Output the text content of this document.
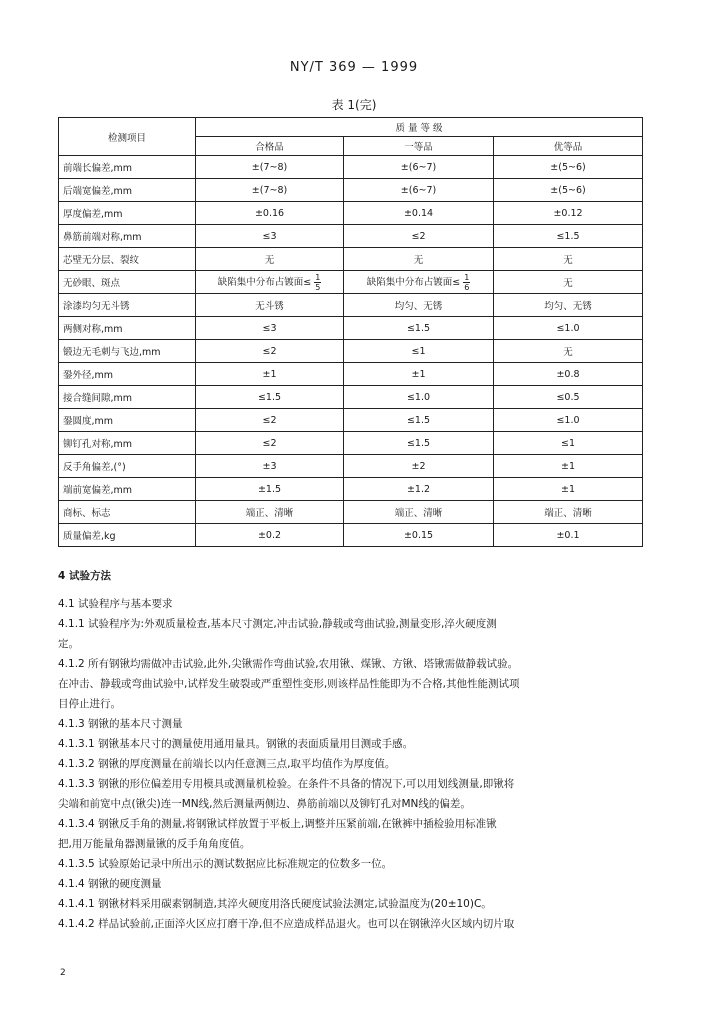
NY/T 369 — 1999
表 1(完)
检测项目	质 量 等 级		
	合格品	一等品	优等品
前端长偏差,mm	±(7~8)	±(6~7)	±(5~6)
后端宽偏差,mm	±(7~8)	±(6~7)	±(5~6)
厚度偏差,mm	±0.16	±0.14	±0.12
鼻筋前端对称,mm	≤3	≤2	≤1.5
芯壁无分层、裂纹	无	无	无
无砂眼、斑点	缺陷集中分布占镀面≤ $\frac{1}{5}$	缺陷集中分布占镀面≤ $\frac{1}{6}$	无
涂漆均匀无斗锈	无斗锈	均匀、无锈	均匀、无锈
两侧对称,mm	≤3	≤1.5	≤1.0
锻边无毛刺与飞边,mm	≤2	≤1	无
銎外径,mm	±1	±1	±0.8
接合缝间隙,mm	≤1.5	≤1.0	≤0.5
銎圆度,mm	≤2	≤1.5	≤1.0
铆钉孔对称,mm	≤2	≤1.5	≤1
反手角偏差,(°)	±3	±2	±1
端前宽偏差,mm	±1.5	±1.2	±1
商标、标志	端正、清晰	端正、清晰	端正、清晰
质量偏差,kg	±0.2	±0.15	±0.1

4 试验方法

4.1 试验程序与基本要求

4.1.1 试验程序为:外观质量检查,基本尺寸测定,冲击试验,静载或弯曲试验,测量变形,淬火硬度测

定。

4.1.2 所有钢锹均需做冲击试验,此外,尖锹需作弯曲试验,农用锹、煤锹、方锹、塔锹需做静载试验。

在冲击、静载或弯曲试验中,试样发生破裂或严重塑性变形,则该样品性能即为不合格,其他性能测试项

目停止进行。

4.1.3 钢锹的基本尺寸测量

4.1.3.1 钢锹基本尺寸的测量使用通用量具。钢锹的表面质量用目测或手感。

4.1.3.2 钢锹的厚度测量在前端长以内任意测三点,取平均值作为厚度值。

4.1.3.3 钢锹的形位偏差用专用模具或测量机检验。在条件不具备的情况下,可以用划线测量,即锹将

尖端和前宽中点(锹尖)连一MN线,然后测量两侧边、鼻筋前端以及铆钉孔对MN线的偏差。

4.1.3.4 钢锹反手角的测量,将钢锹试样放置于平板上,调整并压紧前端,在锹裤中插检验用标准锹

把,用万能量角器测量锹的反手角角度值。

4.1.3.5 试验原始记录中所出示的测试数据应比标准规定的位数多一位。

4.1.4 钢锹的硬度测量

4.1.4.1 钢锹材料采用碳素钢制造,其淬火硬度用洛氏硬度试验法测定,试验温度为(20±10)C。

4.1.4.2 样品试验前,正面淬火区应打磨干净,但不应造成样品退火。也可以在钢锹淬火区域内切片取

2
